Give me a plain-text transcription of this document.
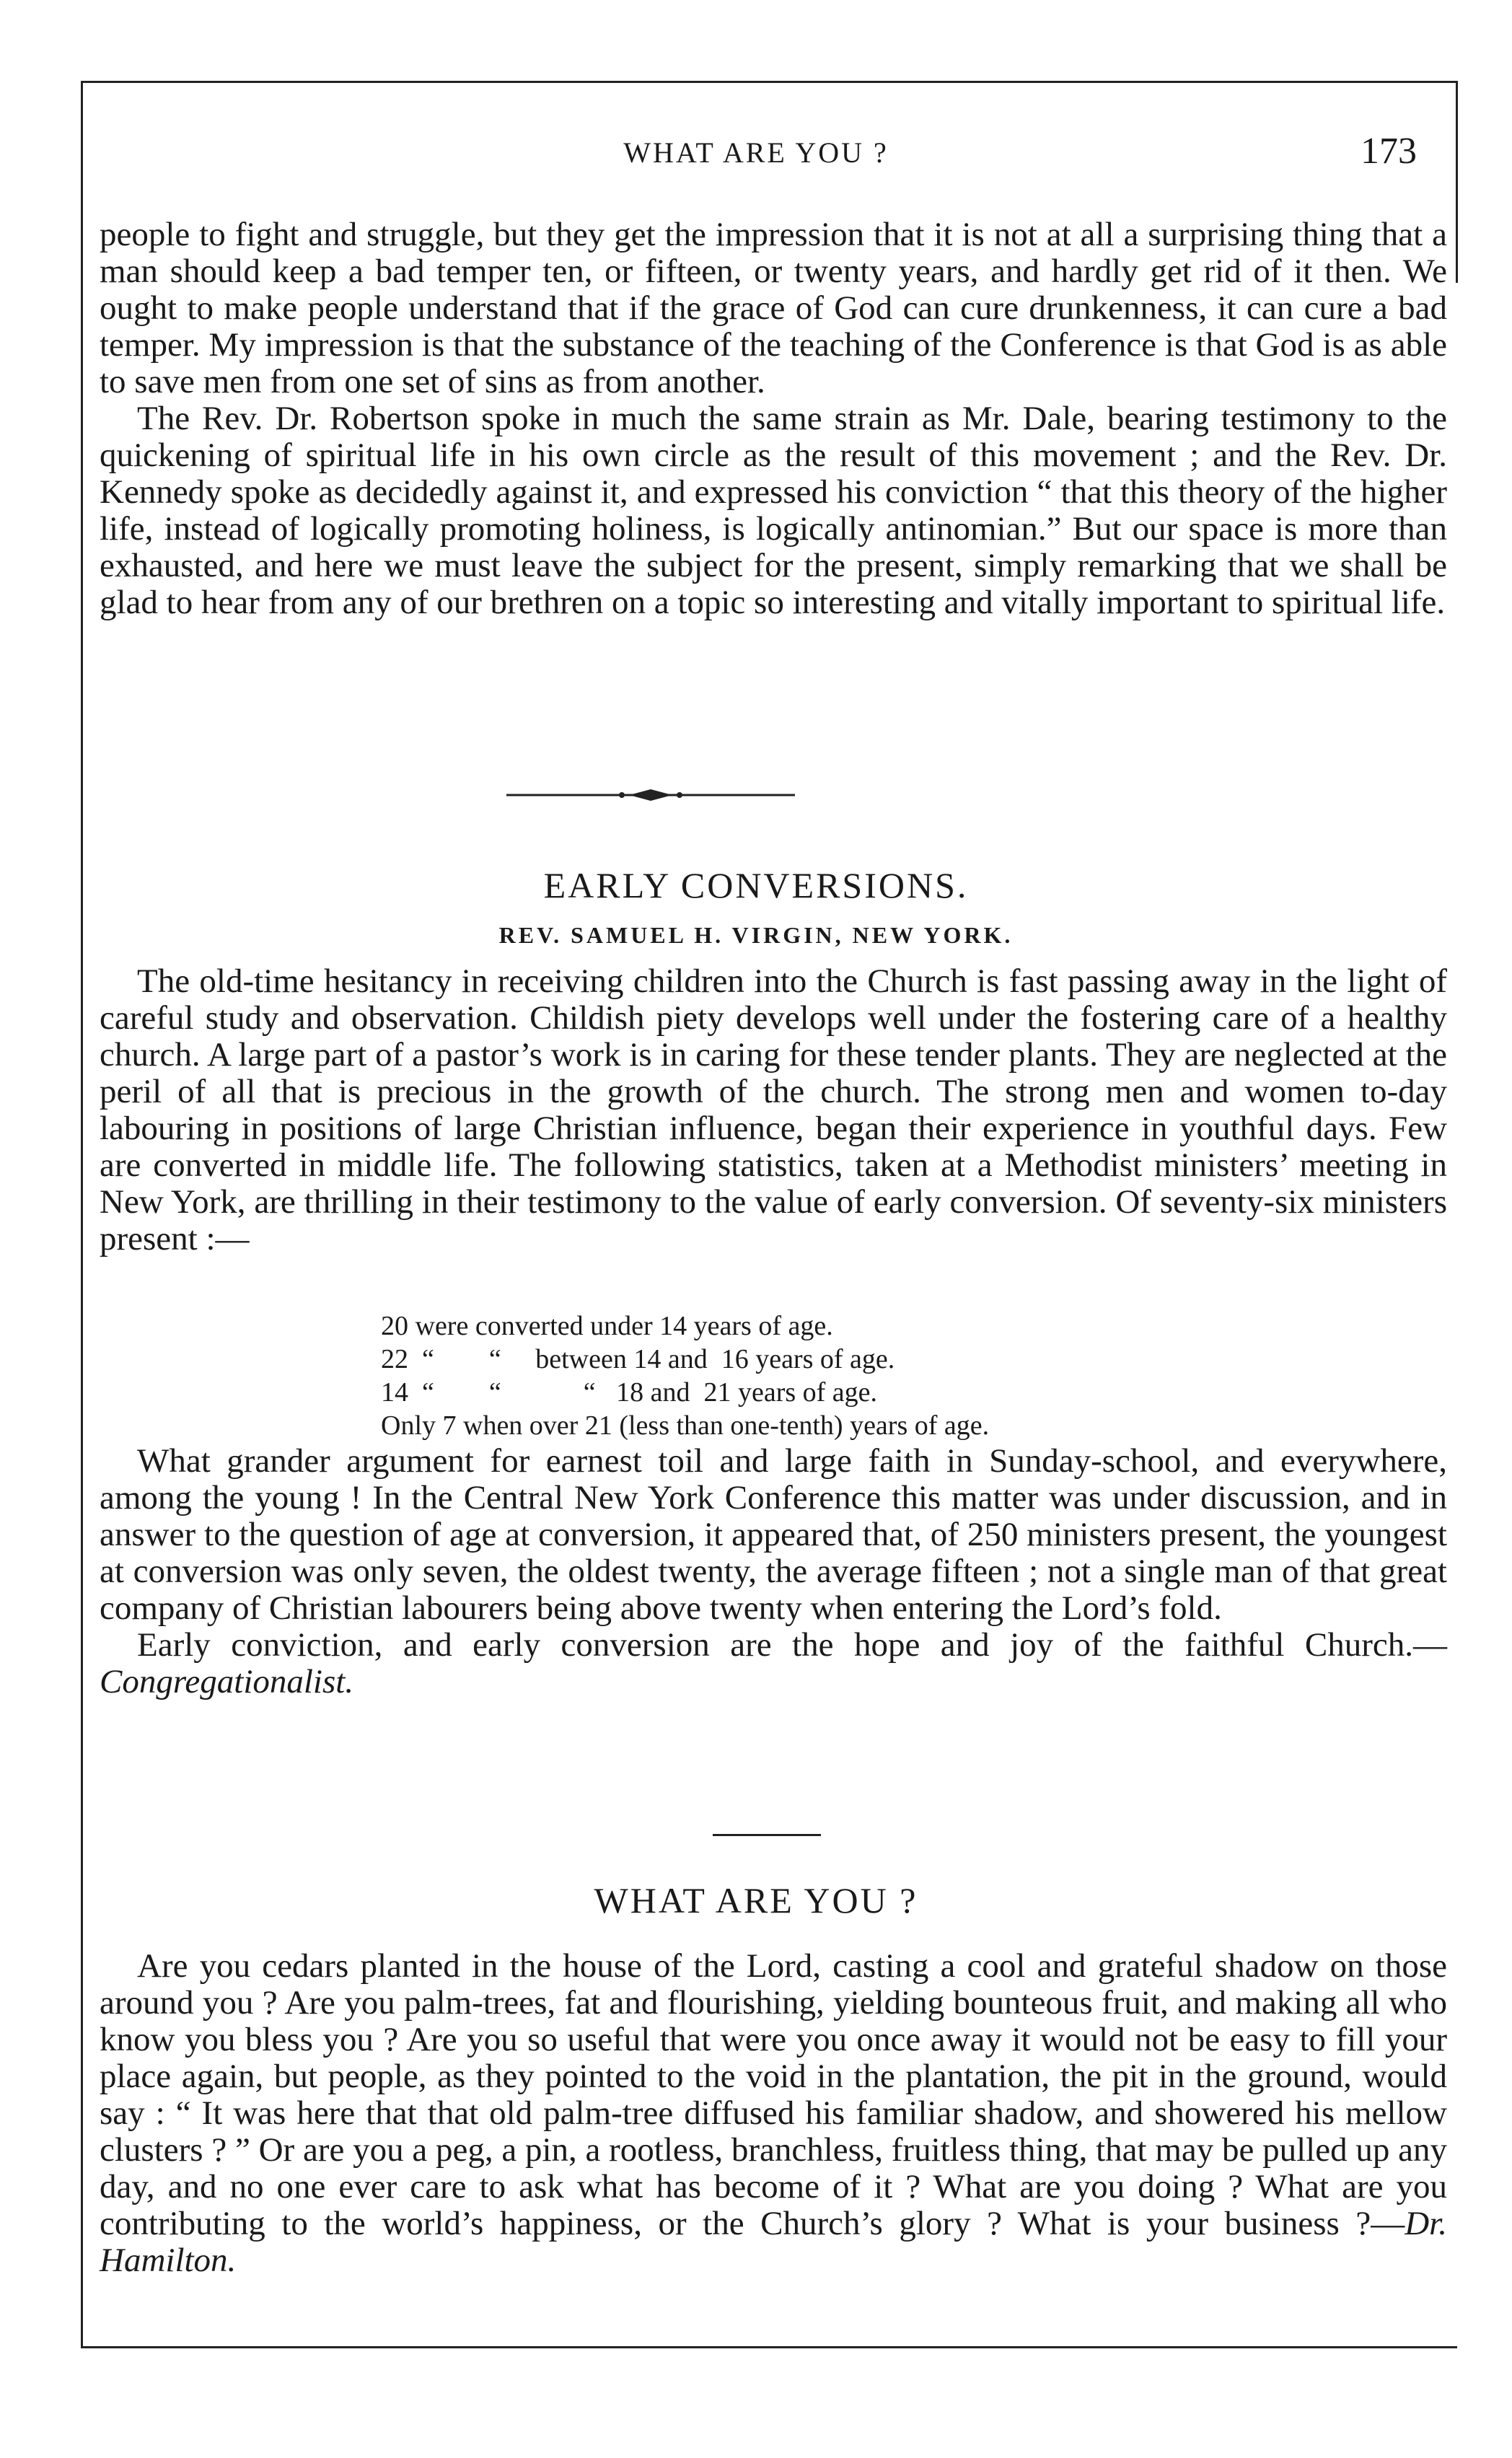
WHAT ARE YOU ?	173

people to fight and struggle, but they get the impression that it is not at all a surprising thing that a man should keep a bad temper ten, or fifteen, or twenty years, and hardly get rid of it then. We ought to make people understand that if the grace of God can cure drunkenness, it can cure a bad temper. My impression is that the substance of the teaching of the Conference is that God is as able to save men from one set of sins as from another.

The Rev. Dr. Robertson spoke in much the same strain as Mr. Dale, bearing testimony to the quickening of spiritual life in his own circle as the result of this movement ; and the Rev. Dr. Kennedy spoke as decidedly against it, and expressed his conviction “ that this theory of the higher life, instead of logically promoting holiness, is logically antinomian.” But our space is more than exhausted, and here we must leave the subject for the present, simply remarking that we shall be glad to hear from any of our brethren on a topic so interesting and vitally important to spiritual life.

EARLY CONVERSIONS.
REV. SAMUEL H. VIRGIN, NEW YORK.

The old-time hesitancy in receiving children into the Church is fast passing away in the light of careful study and observation. Childish piety develops well under the fostering care of a healthy church. A large part of a pastor’s work is in caring for these tender plants. They are neglected at the peril of all that is precious in the growth of the church. The strong men and women to-day labouring in positions of large Christian influence, began their experience in youthful days. Few are converted in middle life. The following statistics, taken at a Methodist ministers’ meeting in New York, are thrilling in their testimony to the value of early conversion. Of seventy-six ministers present :—

20 were converted under 14 years of age.
22  “        “     between 14 and  16 years of age.
14  “        “            “   18 and  21 years of age.
Only 7 when over 21 (less than one-tenth) years of age.

What grander argument for earnest toil and large faith in Sunday-school, and everywhere, among the young ! In the Central New York Conference this matter was under discussion, and in answer to the question of age at conversion, it appeared that, of 250 ministers present, the youngest at conversion was only seven, the oldest twenty, the average fifteen ; not a single man of that great company of Christian labourers being above twenty when entering the Lord’s fold.

Early conviction, and early conversion are the hope and joy of the faithful Church.—Congregationalist.

WHAT ARE YOU ?

Are you cedars planted in the house of the Lord, casting a cool and grateful shadow on those around you ? Are you palm-trees, fat and flourishing, yielding bounteous fruit, and making all who know you bless you ? Are you so useful that were you once away it would not be easy to fill your place again, but people, as they pointed to the void in the plantation, the pit in the ground, would say : “ It was here that that old palm-tree diffused his familiar shadow, and showered his mellow clusters ? ” Or are you a peg, a pin, a rootless, branchless, fruitless thing, that may be pulled up any day, and no one ever care to ask what has become of it ? What are you doing ? What are you contributing to the world’s happiness, or the Church’s glory ? What is your business ?—Dr. Hamilton.
